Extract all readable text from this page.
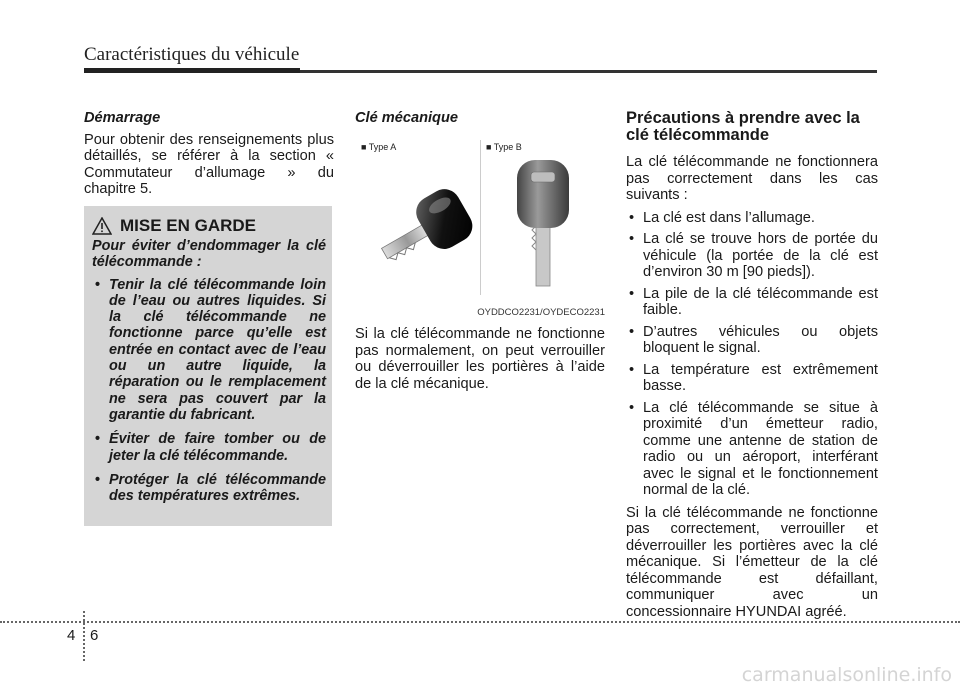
Caractéristiques du véhicule
Démarrage

Pour obtenir des renseignements plus détaillés, se référer à la section « Commutateur d’allumage » du chapitre 5.

MISE EN GARDE

Pour éviter d’endommager la clé télécommande :

• Tenir la clé télécommande loin de l’eau ou autres liquides. Si la clé télécommande ne fonctionne parce qu’elle est entrée en contact avec de l’eau ou un autre liquide, la réparation ou le remplacement ne sera pas couvert par la garantie du fabricant.
• Éviter de faire tomber ou de jeter la clé télécommande.
• Protéger la clé télécommande des températures extrêmes.
Clé mécanique
■ Type A	■ Type B
OYDDCO2231/OYDECO2231

Si la clé télécommande ne fonctionne pas normalement, on peut verrouiller ou déverrouiller les portières à l’aide de la clé mécanique.

Précautions à prendre avec la clé télécommande

La clé télécommande ne fonctionnera pas correctement dans les cas suivants :

• La clé est dans l’allumage.
• La clé se trouve hors de portée du véhicule (la portée de la clé est d’environ 30 m [90 pieds]).
• La pile de la clé télécommande est faible.
• D’autres véhicules ou objets bloquent le signal.
• La température est extrêmement basse.
• La clé télécommande se situe à proximité d’un émetteur radio, comme une antenne de station de radio ou un aéroport, interférant avec le signal et le fonctionnement normal de la clé.

Si la clé télécommande ne fonctionne pas correctement, verrouiller et déverrouiller les portières avec la clé mécanique. Si l’émetteur de la clé télécommande est défaillant, communiquer avec un concessionnaire HYUNDAI agréé.

4 6
carmanualsonline.info
